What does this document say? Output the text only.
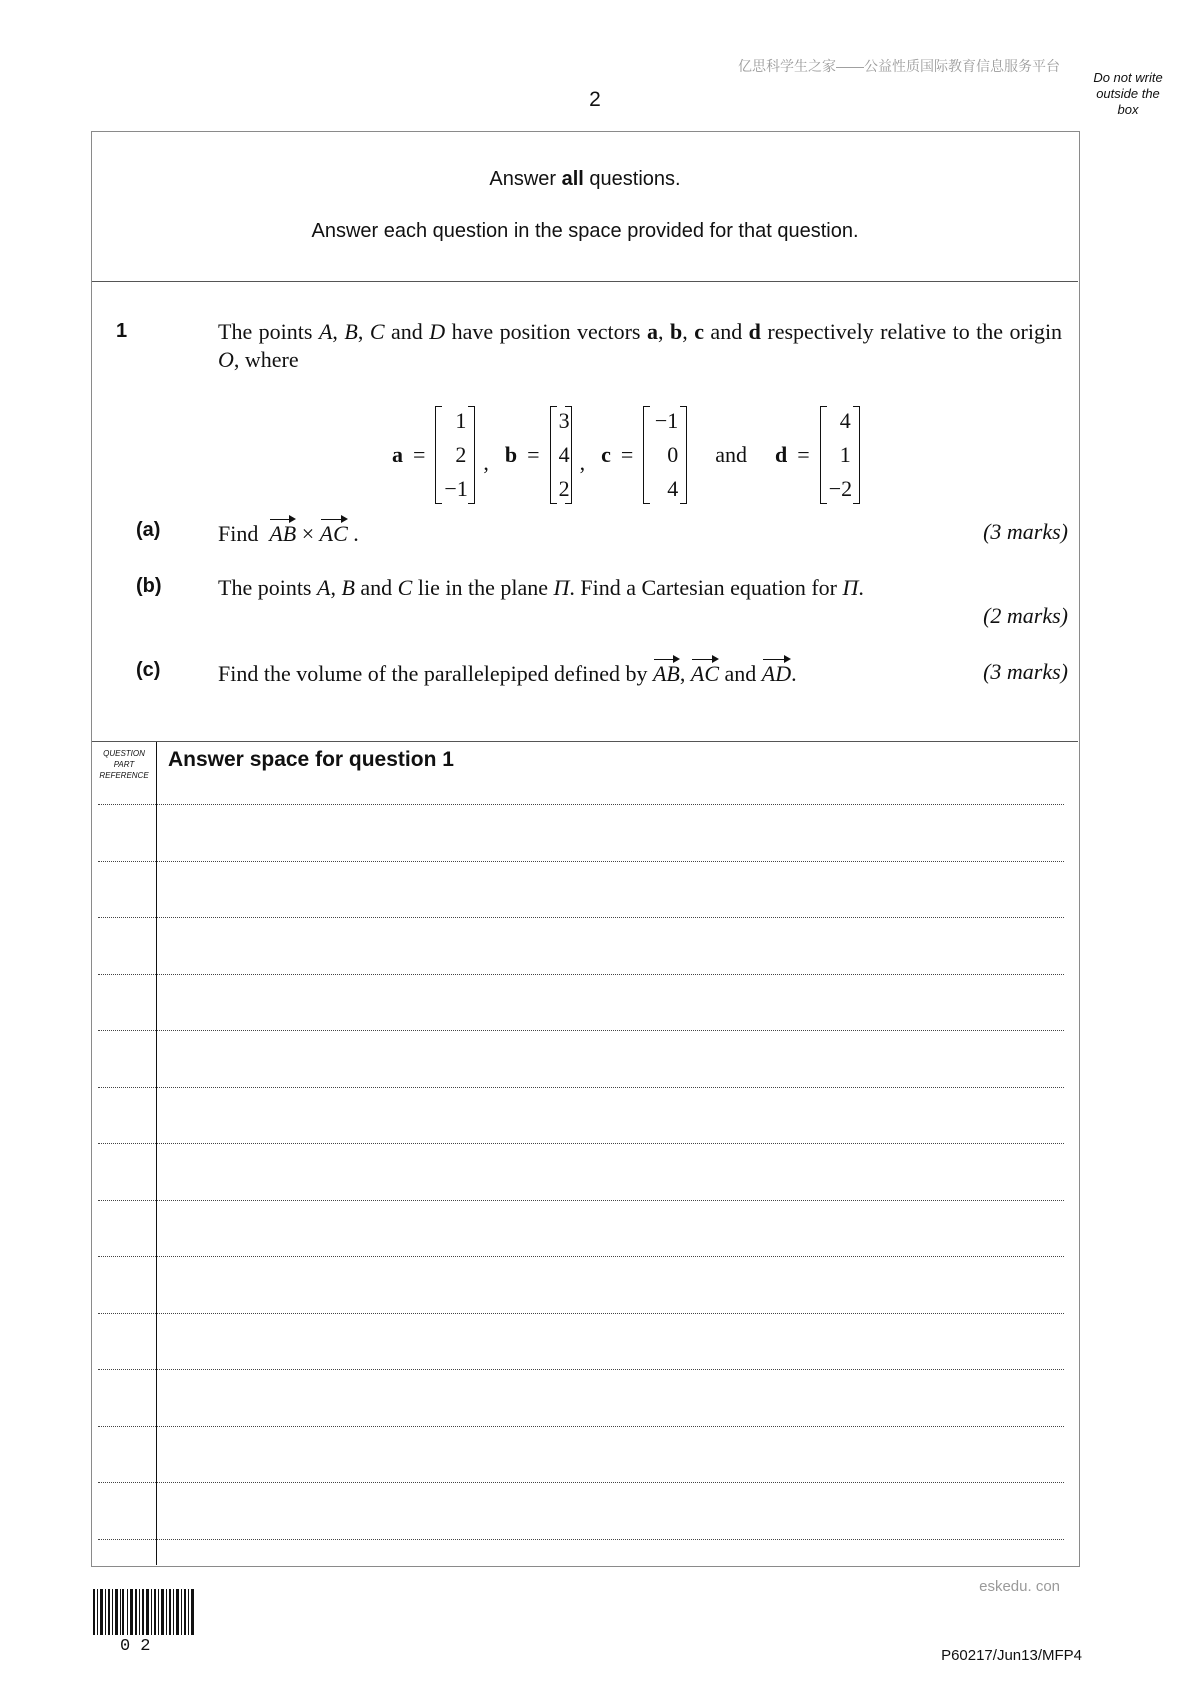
亿思科学生之家——公益性质国际教育信息服务平台
2
Do not write
outside the
box
Answer all questions.
Answer each question in the space provided for that question.
1	The points A, B, C and D have position vectors a, b, c and d respectively relative to the origin O, where
a =
1
2
−1
, b =
3
4
2
, c =
−1
0
4
and d =
4
1
−2
(a)	Find AB × AC .	(3 marks)
(b)	The points A, B and C lie in the plane Π. Find a Cartesian equation for Π.
(2 marks)
(c)	Find the volume of the parallelepiped defined by AB, AC and AD.	(3 marks)
QUESTION
PART
REFERENCE
Answer space for question 1
eskedu. con
02	P60217/Jun13/MFP4
